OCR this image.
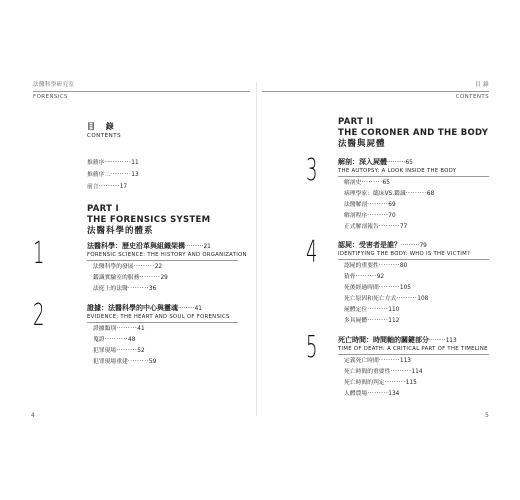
法醫科學研究室
FORENSICS
目 錄
CONTENTS
推薦序一·········11
推薦序二·········13
前言·········17
PART I
THE FORENSICS SYSTEM
法醫科學的體系
1	法醫科學：歷史沿革與組織架構··········21
FORENSIC SCIENCE: THE HISTORY AND ORGANIZATION
法醫科學的發展·········22
鑑識實驗室的服務·········29
法庭上的法醫·········36
2	證據：法醫科學的中心與靈魂·········41
EVIDENCE: THE HEART AND SOUL OF FORENSICS
證據類別·········41
蒐證··········48
犯罪現場·········52
犯罪現場重建·········59
4
目 錄
CONTENTS
PART II
THE CORONER AND THE BODY
法醫與屍體
3	解剖：深入屍體··········65
THE AUTOPSY: A LOOK INSIDE THE BODY
解剖史·········65
病理學家：臨床VS.鑑識·········68
法醫解剖·········69
解剖程序·········70
正式解剖報告·········77
4	認屍：受害者是誰？··········79
IDENTIFYING THE BODY: WHO IS THE VICTIM?
認屍的重要性·········80
猜骨·········92
死後經過時間·········105
死亡原因和死亡方式·········108
屍體定位·········110
多具屍體·········112
5	死亡時間：時間軸的關鍵部分·········113
TIME OF DEATH: A CRITICAL PART OF THE TIMELINE
定義死亡時間·········113
死亡時間的重要性·········114
死亡時間的判定·········115
人體農場·········134
5
